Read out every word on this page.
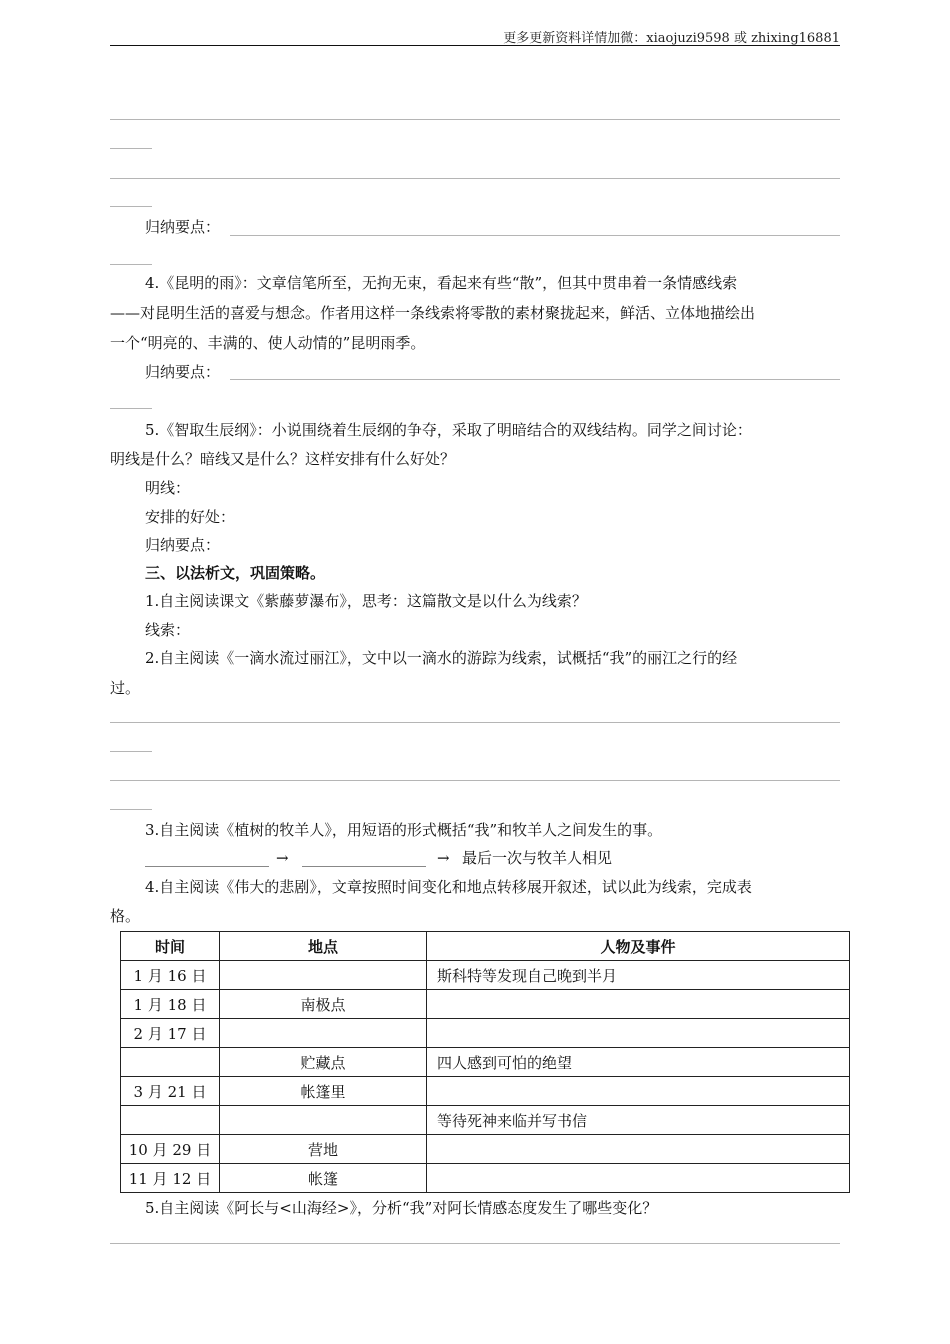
更多更新资料详情加微：xiaojuzi9598 或 zhixing16881
归纳要点：
4.《昆明的雨》：文章信笔所至，无拘无束，看起来有些“散”，但其中贯串着一条情感线索
——对昆明生活的喜爱与想念。作者用这样一条线索将零散的素材聚拢起来，鲜活、立体地描绘出
一个“明亮的、丰满的、使人动情的”昆明雨季。
归纳要点：
5.《智取生辰纲》：小说围绕着生辰纲的争夺，采取了明暗结合的双线结构。同学之间讨论：
明线是什么？暗线又是什么？这样安排有什么好处？
明线：
安排的好处：
归纳要点：
三、以法析文，巩固策略。
1.自主阅读课文《紫藤萝瀑布》，思考：这篇散文是以什么为线索？
线索：
2.自主阅读《一滴水流过丽江》，文中以一滴水的游踪为线索，试概括“我”的丽江之行的经
过。
3.自主阅读《植树的牧羊人》，用短语的形式概括“我”和牧羊人之间发生的事。
→	→ 最后一次与牧羊人相见
4.自主阅读《伟大的悲剧》，文章按照时间变化和地点转移展开叙述，试以此为线索，完成表
格。
时间	地点	人物及事件
1 月 16 日		斯科特等发现自己晚到半月
1 月 18 日	南极点	
2 月 17 日		
	贮藏点	四人感到可怕的绝望
3 月 21 日	帐篷里	
		等待死神来临并写书信
10 月 29 日	营地	
11 月 12 日	帐篷	
5.自主阅读《阿长与<山海经>》，分析“我”对阿长情感态度发生了哪些变化？
